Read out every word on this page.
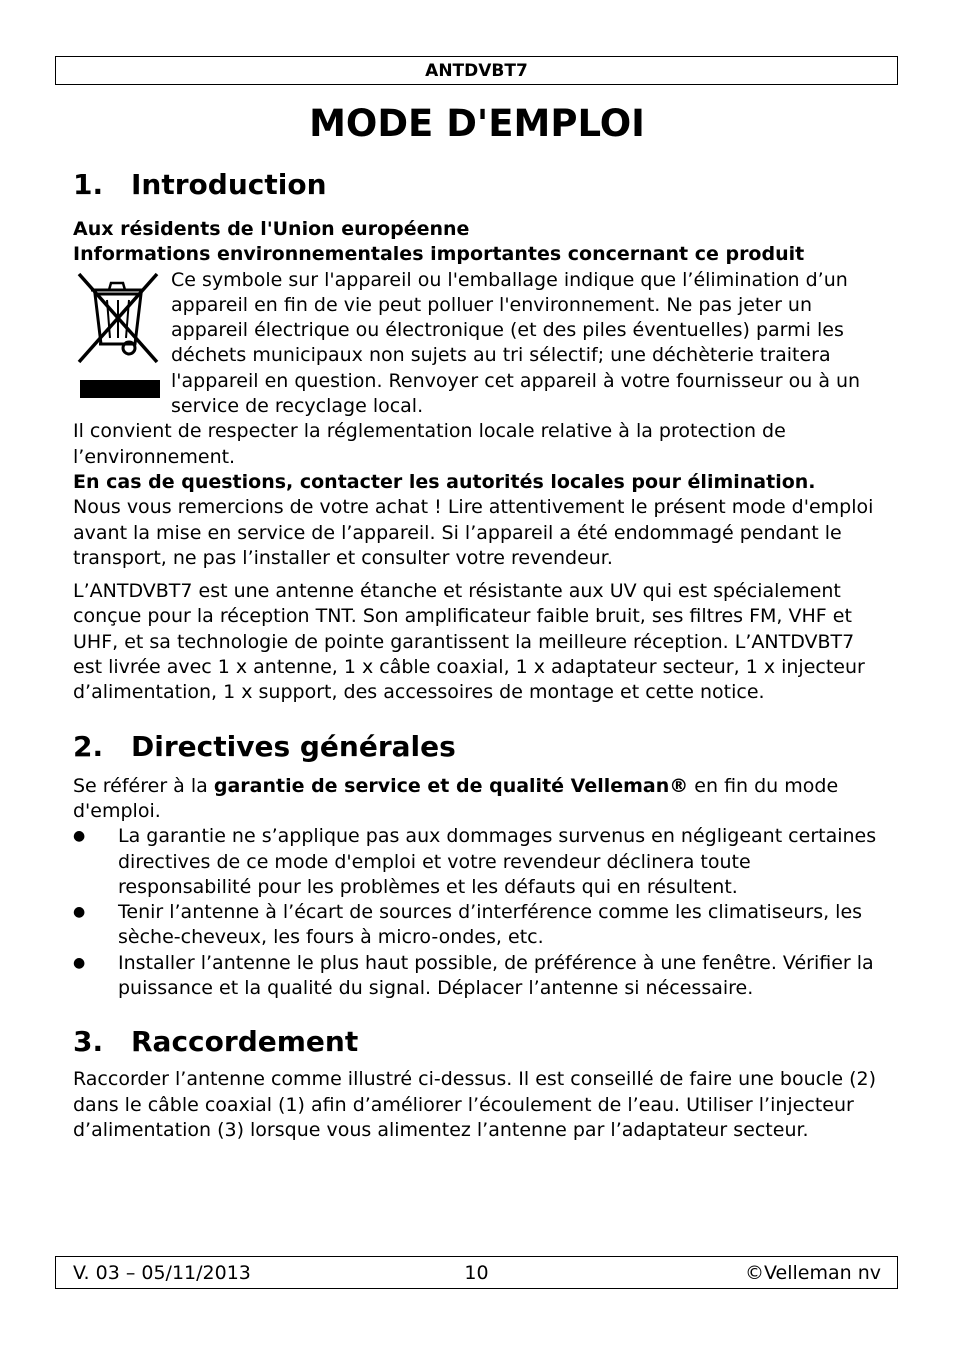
ANTDVBT7
MODE D'EMPLOI
1. Introduction

Aux résidents de l'Union européenne

Informations environnementales importantes concernant ce produit

Ce symbole sur l'appareil ou l'emballage indique que l’élimination d’un appareil en fin de vie peut polluer l'environnement. Ne pas jeter un appareil électrique ou électronique (et des piles éventuelles) parmi les déchets municipaux non sujets au tri sélectif; une déchèterie traitera l'appareil en question. Renvoyer cet appareil à votre fournisseur ou à un service de recyclage local.

Il convient de respecter la réglementation locale relative à la protection de l’environnement.

En cas de questions, contacter les autorités locales pour élimination.

Nous vous remercions de votre achat ! Lire attentivement le présent mode d'emploi avant la mise en service de l’appareil. Si l’appareil a été endommagé pendant le transport, ne pas l’installer et consulter votre revendeur.

L’ANTDVBT7 est une antenne étanche et résistante aux UV qui est spécialement conçue pour la réception TNT. Son amplificateur faible bruit, ses filtres FM, VHF et UHF, et sa technologie de pointe garantissent la meilleure réception. L’ANTDVBT7 est livrée avec 1 x antenne, 1 x câble coaxial, 1 x adaptateur secteur, 1 x injecteur d’alimentation, 1 x support, des accessoires de montage et cette notice.

2. Directives générales

Se référer à la garantie de service et de qualité Velleman® en fin du mode d'emploi.

● La garantie ne s’applique pas aux dommages survenus en négligeant certaines directives de ce mode d'emploi et votre revendeur déclinera toute responsabilité pour les problèmes et les défauts qui en résultent.
● Tenir l’antenne à l’écart de sources d’interférence comme les climatiseurs, les sèche-cheveux, les fours à micro-ondes, etc.
● Installer l’antenne le plus haut possible, de préférence à une fenêtre. Vérifier la puissance et la qualité du signal. Déplacer l’antenne si nécessaire.
3. Raccordement

Raccorder l’antenne comme illustré ci-dessus. Il est conseillé de faire une boucle (2) dans le câble coaxial (1) afin d’améliorer l’écoulement de l’eau. Utiliser l’injecteur d’alimentation (3) lorsque vous alimentez l’antenne par l’adaptateur secteur.

V. 03 – 05/11/2013	10	©Velleman nv
